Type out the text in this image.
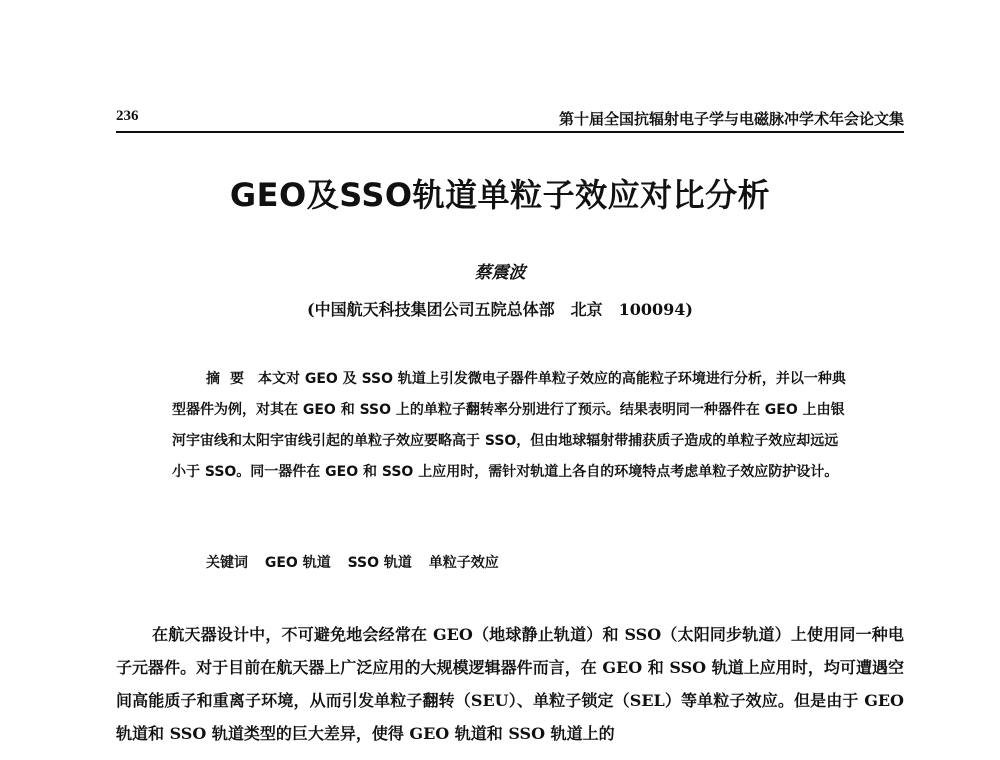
236	第十届全国抗辐射电子学与电磁脉冲学术年会论文集
GEO及SSO轨道单粒子效应对比分析
蔡震波
(中国航天科技集团公司五院总体部　北京　100094)
摘要 本文对 GEO 及 SSO 轨道上引发微电子器件单粒子效应的高能粒子环境进行分析，并以一种典型器件为例，对其在 GEO 和 SSO 上的单粒子翻转率分别进行了预示。结果表明同一种器件在 GEO 上由银河宇宙线和太阳宇宙线引起的单粒子效应要略高于 SSO，但由地球辐射带捕获质子造成的单粒子效应却远远小于 SSO。同一器件在 GEO 和 SSO 上应用时，需针对轨道上各自的环境特点考虑单粒子效应防护设计。
关键词 GEO 轨道 SSO 轨道 单粒子效应
在航天器设计中，不可避免地会经常在 GEO（地球静止轨道）和 SSO（太阳同步轨道）上使用同一种电子元器件。对于目前在航天器上广泛应用的大规模逻辑器件而言，在 GEO 和 SSO 轨道上应用时，均可遭遇空间高能质子和重离子环境，从而引发单粒子翻转（SEU）、单粒子锁定（SEL）等单粒子效应。但是由于 GEO 轨道和 SSO 轨道类型的巨大差异，使得 GEO 轨道和 SSO 轨道上的
